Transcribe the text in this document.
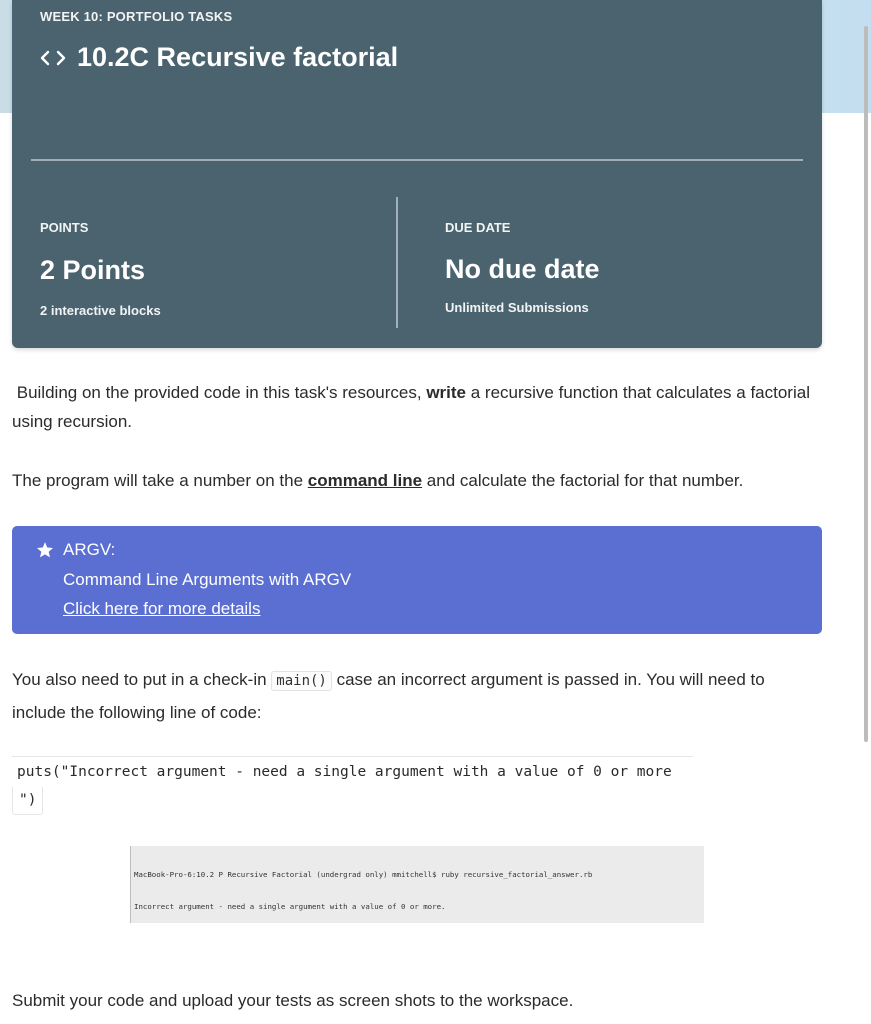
WEEK 10: PORTFOLIO TASKS
10.2C Recursive factorial
POINTS
2 Points
2 interactive blocks
DUE DATE
No due date
Unlimited Submissions
Building on the provided code in this task's resources, write a recursive function that calculates a factorial using recursion.
The program will take a number on the command line and calculate the factorial for that number.
ARGV:
Command Line Arguments with ARGV
Click here for more details
You also need to put in a check-in main() case an incorrect argument is passed in. You will need to include the following line of code:
puts("Incorrect argument - need a single argument with a value of 0 or more
")

MacBook-Pro-6:10.2 P Recursive Factorial (undergrad only) mmitchell$ ruby recursive_factorial_answer.rb

Incorrect argument - need a single argument with a value of 0 or more.

Submit your code and upload your tests as screen shots to the workspace.
